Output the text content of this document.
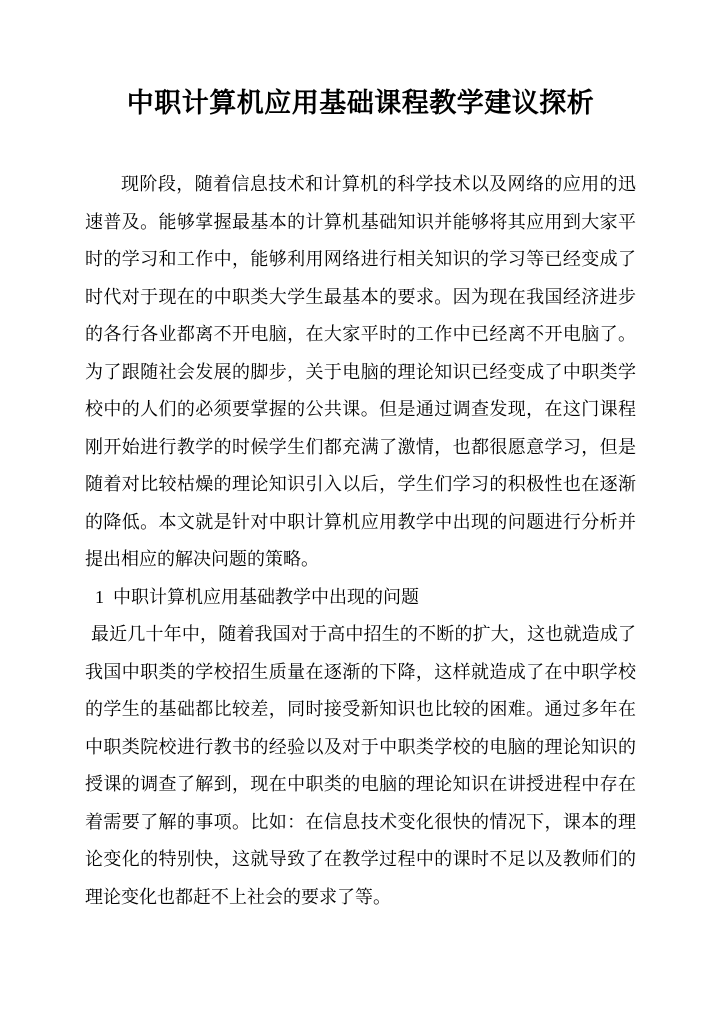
中职计算机应用基础课程教学建议探析

现阶段，随着信息技术和计算机的科学技术以及网络的应用的迅速普及。能够掌握最基本的计算机基础知识并能够将其应用到大家平时的学习和工作中，能够利用网络进行相关知识的学习等已经变成了时代对于现在的中职类大学生最基本的要求。因为现在我国经济进步的各行各业都离不开电脑，在大家平时的工作中已经离不开电脑了。为了跟随社会发展的脚步，关于电脑的理论知识已经变成了中职类学校中的人们的必须要掌握的公共课。但是通过调查发现，在这门课程刚开始进行教学的时候学生们都充满了激情，也都很愿意学习，但是随着对比较枯燥的理论知识引入以后，学生们学习的积极性也在逐渐的降低。本文就是针对中职计算机应用教学中出现的问题进行分析并提出相应的解决问题的策略。

1 中职计算机应用基础教学中出现的问题

最近几十年中，随着我国对于高中招生的不断的扩大，这也就造成了我国中职类的学校招生质量在逐渐的下降，这样就造成了在中职学校的学生的基础都比较差，同时接受新知识也比较的困难。通过多年在中职类院校进行教书的经验以及对于中职类学校的电脑的理论知识的授课的调查了解到，现在中职类的电脑的理论知识在讲授进程中存在着需要了解的事项。比如：在信息技术变化很快的情况下，课本的理论变化的特别快，这就导致了在教学过程中的课时不足以及教师们的理论变化也都赶不上社会的要求了等。
